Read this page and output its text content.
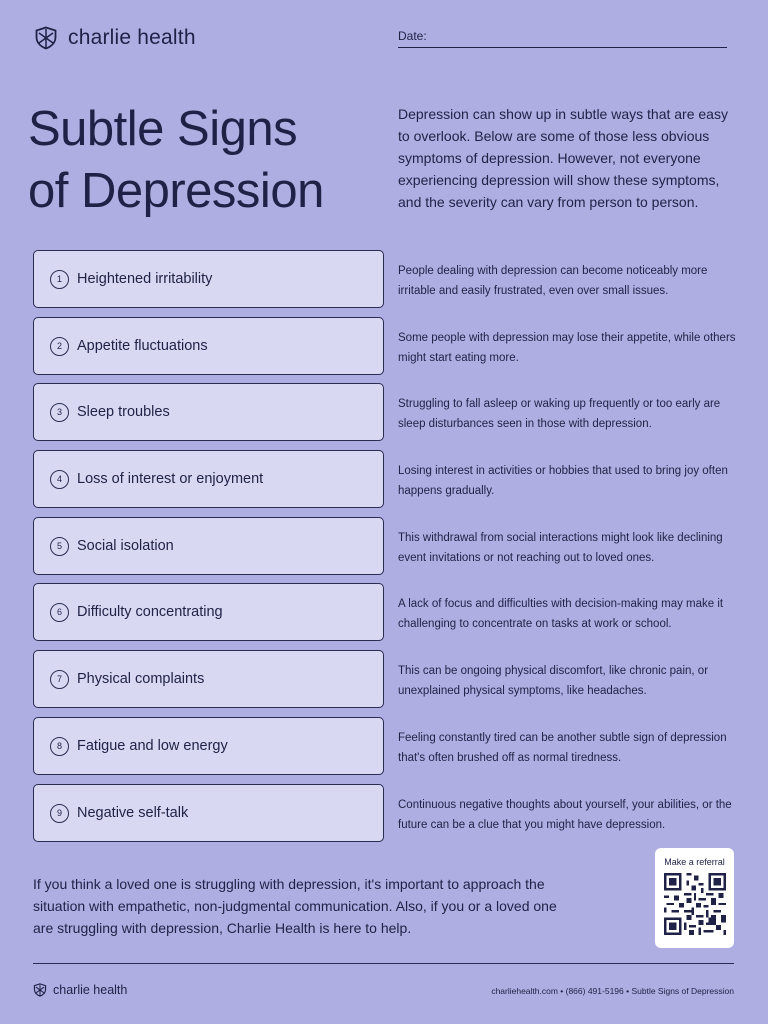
charlie health	Date:
Subtle Signs
of Depression

Depression can show up in subtle ways that are easy to overlook. Below are some of those less obvious symptoms of depression. However, not everyone experiencing depression will show these symptoms, and the severity can vary from person to person.

1	Heightened irritability	People dealing with depression can become noticeably more irritable and easily frustrated, even over small issues.

2	Appetite fluctuations	Some people with depression may lose their appetite, while others might start eating more.

3	Sleep troubles	Struggling to fall asleep or waking up frequently or too early are sleep disturbances seen in those with depression.

4	Loss of interest or enjoyment	Losing interest in activities or hobbies that used to bring joy often happens gradually.

5	Social isolation	This withdrawal from social interactions might look like declining event invitations or not reaching out to loved ones.

6	Difficulty concentrating	A lack of focus and difficulties with decision-making may make it challenging to concentrate on tasks at work or school.

7	Physical complaints	This can be ongoing physical discomfort, like chronic pain, or unexplained physical symptoms, like headaches.

8	Fatigue and low energy	Feeling constantly tired can be another subtle sign of depression that's often brushed off as normal tiredness.

9	Negative self-talk	Continuous negative thoughts about yourself, your abilities, or the future can be a clue that you might have depression.

If you think a loved one is struggling with depression, it's important to approach the situation with empathetic, non-judgmental communication. Also, if you or a loved one are struggling with depression, Charlie Health is here to help.

Make a referral
charlie health	charliehealth.com • (866) 491-5196 • Subtle Signs of Depression
